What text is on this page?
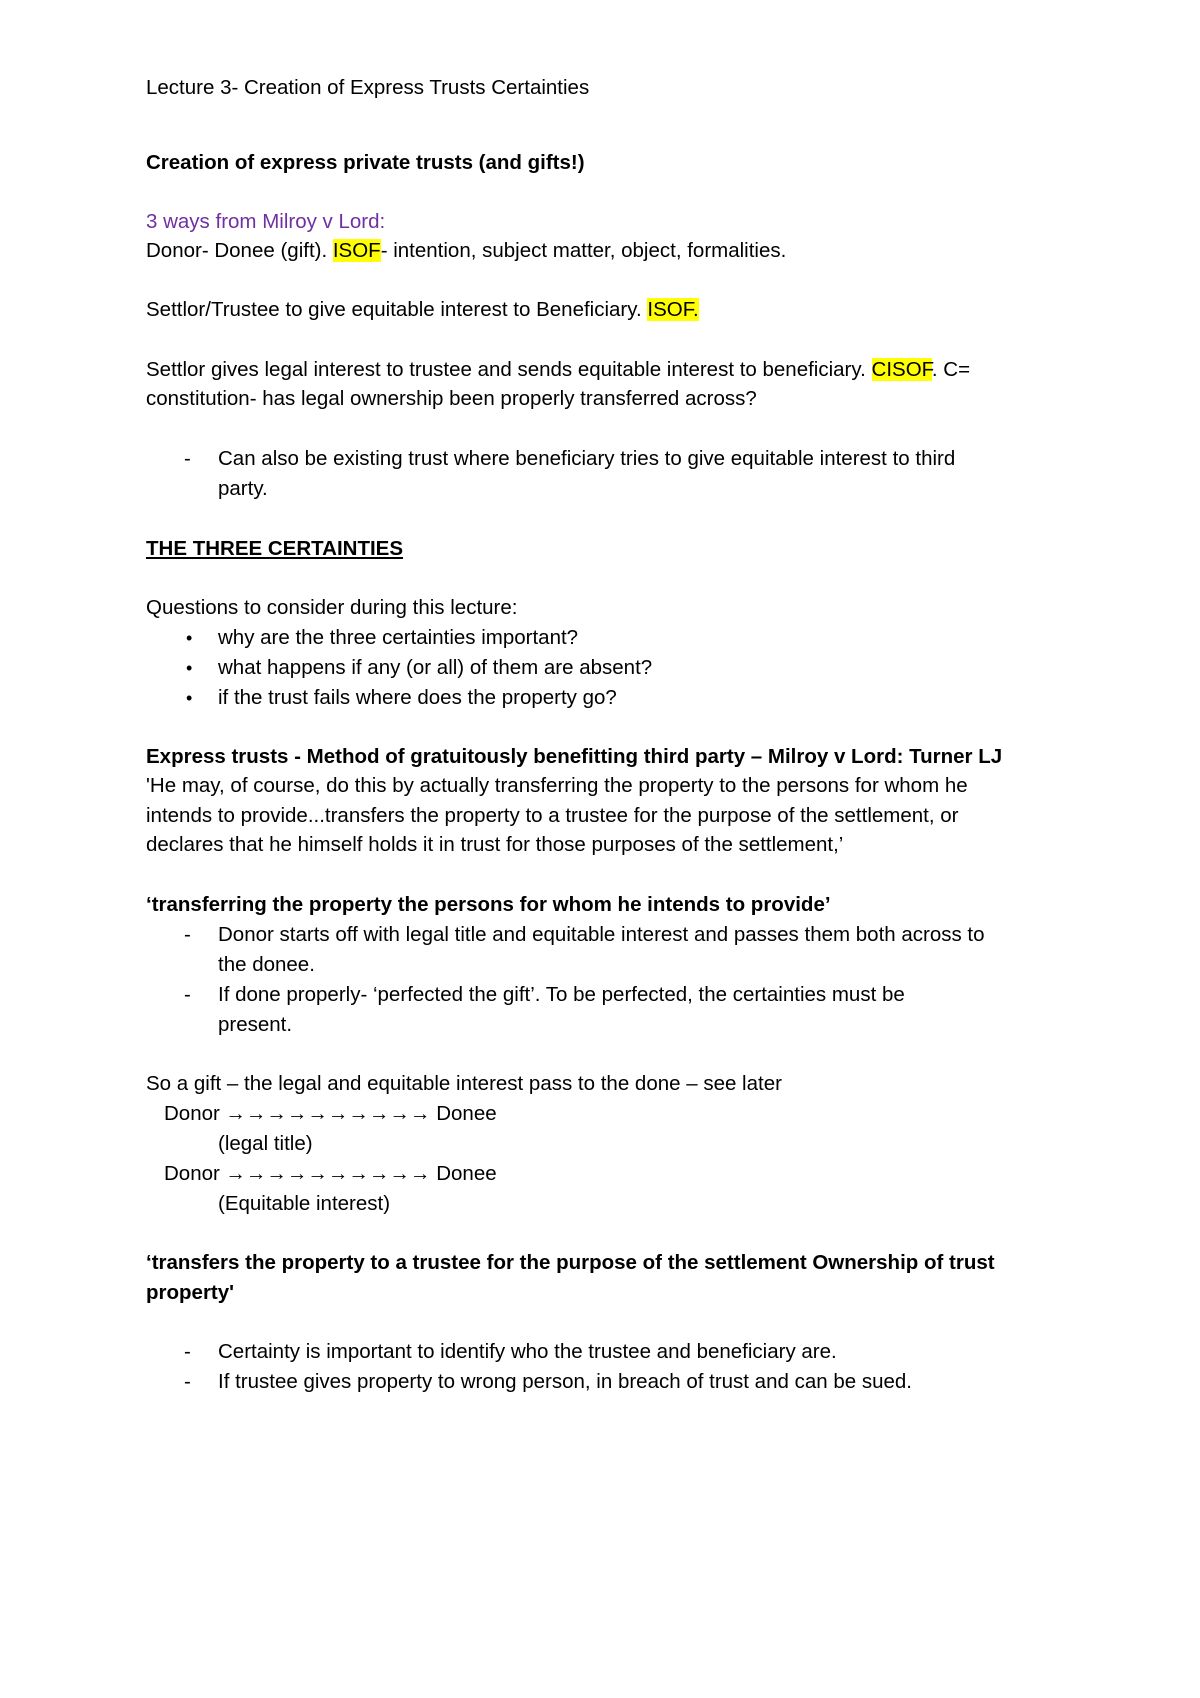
Lecture 3- Creation of Express Trusts Certainties
Creation of express private trusts (and gifts!)
3 ways from Milroy v Lord:
Donor- Donee (gift). ISOF- intention, subject matter, object, formalities.
Settlor/Trustee to give equitable interest to Beneficiary. ISOF.
Settlor gives legal interest to trustee and sends equitable interest to beneficiary. CISOF. C=
constitution- has legal ownership been properly transferred across?
- Can also be existing trust where beneficiary tries to give equitable interest to third
party.
THE THREE CERTAINTIES
Questions to consider during this lecture:
• why are the three certainties important?
• what happens if any (or all) of them are absent?
• if the trust fails where does the property go?
Express trusts - Method of gratuitously benefitting third party – Milroy v Lord: Turner LJ
'He may, of course, do this by actually transferring the property to the persons for whom he
intends to provide...transfers the property to a trustee for the purpose of the settlement, or
declares that he himself holds it in trust for those purposes of the settlement,’
‘transferring the property the persons for whom he intends to provide’
- Donor starts off with legal title and equitable interest and passes them both across to
the donee.
- If done properly- ‘perfected the gift’. To be perfected, the certainties must be
present.
So a gift – the legal and equitable interest pass to the done – see later
Donor →→→→→→→→→→ Donee
(legal title)
Donor →→→→→→→→→→ Donee
(Equitable interest)
‘transfers the property to a trustee for the purpose of the settlement Ownership of trust
property'
- Certainty is important to identify who the trustee and beneficiary are.
- If trustee gives property to wrong person, in breach of trust and can be sued.
